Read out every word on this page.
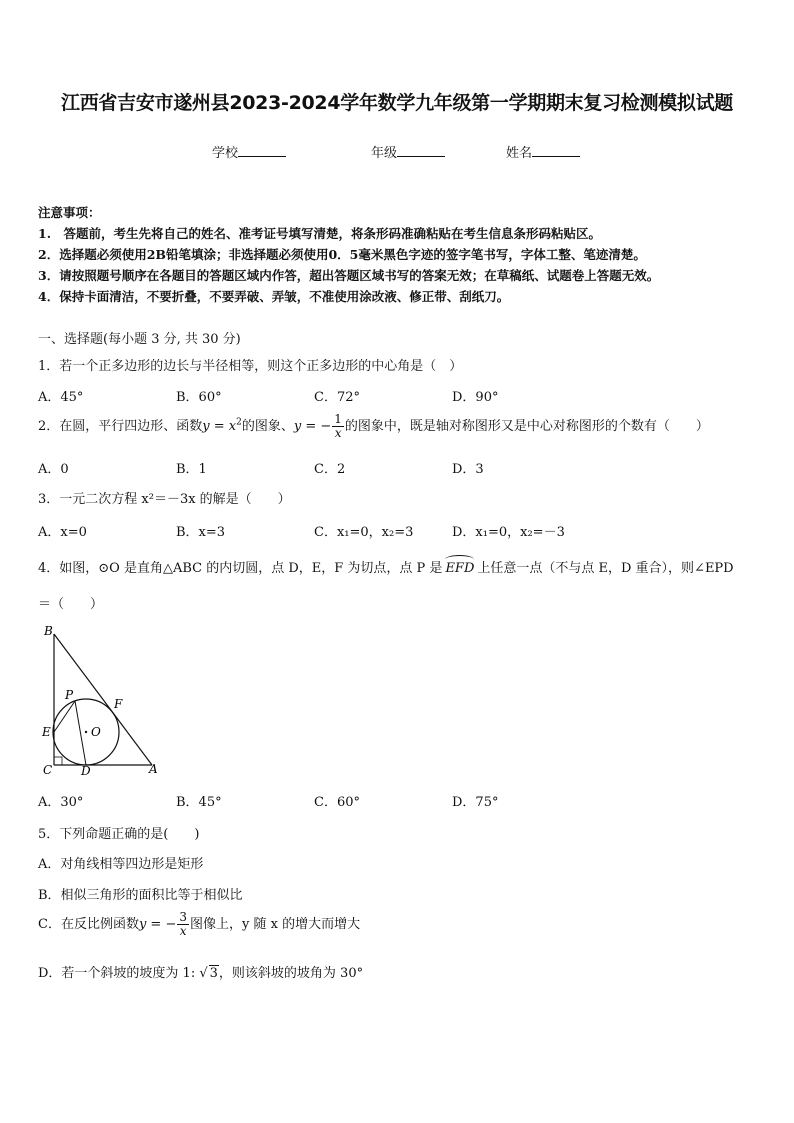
江西省吉安市遂州县2023-2024学年数学九年级第一学期期末复习检测模拟试题
学校	年级	姓名
注意事项：
1.　答题前，考生先将自己的姓名、准考证号填写清楚，将条形码准确粘贴在考生信息条形码粘贴区。
2．选择题必须使用2B铅笔填涂；非选择题必须使用0．5毫米黑色字迹的签字笔书写，字体工整、笔迹清楚。
3．请按照题号顺序在各题目的答题区域内作答，超出答题区域书写的答案无效；在草稿纸、试题卷上答题无效。
4．保持卡面清洁，不要折叠，不要弄破、弄皱，不准使用涂改液、修正带、刮纸刀。
一、选择题(每小题 3 分, 共 30 分)
1．若一个正多边形的边长与半径相等，则这个正多边形的中心角是（　）
A．45°	B．60°	C．72°	D．90°
2．在圆，平行四边形、函数$y = x^2$的图象、y = − $\frac{1}{x}$ 的图象中，既是轴对称图形又是中心对称图形的个数有（　　）
A．0	B．1	C．2	D．3
3．一元二次方程 x²＝－3x 的解是（　　）
A．x=0	B．x=3	C．x₁=0，x₂=3	D．x₁=0，x₂=－3
4．如图，⊙O 是直角△ABC 的内切圆，点 D，E，F 为切点，点 P 是 EFD 上任意一点（不与点 E，D 重合），则∠EPD
＝（　　）
B
P
F
E	O
C D	A
A．30°	B．45°	C．60°	D．75°
5．下列命题正确的是(　　)
A．对角线相等四边形是矩形
B．相似三角形的面积比等于相似比
C．在反比例函数y = − $\frac{3}{x}$ 图像上，y 随 x 的增大而增大
D．若一个斜坡的坡度为 1: √ 3，则该斜坡的坡角为 30°
